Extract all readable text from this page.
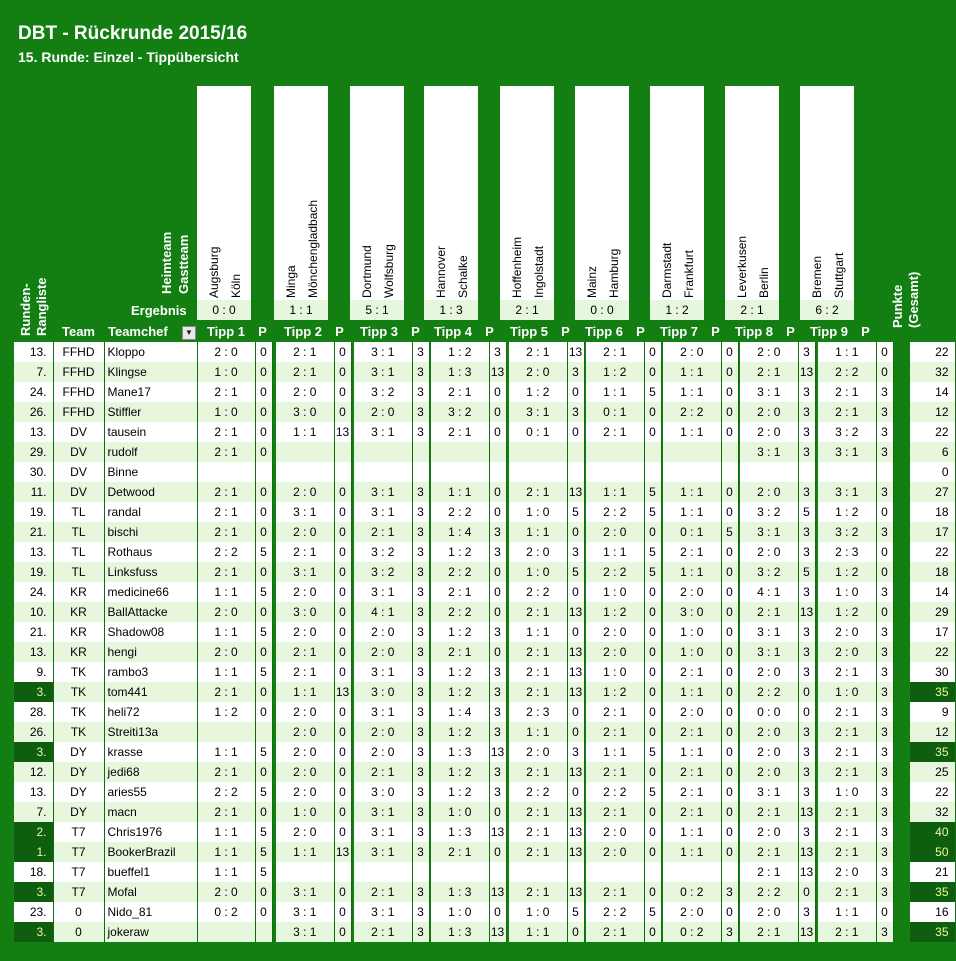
DBT - Rückrunde 2015/16
15. Runde: Einzel - Tippübersicht
Augsburg Köln
0 : 0
Tipp 1	P
Minga Mönchengladbach
1 : 1
Tipp 2	P
Dortmund Wolfsburg
5 : 1
Tipp 3	P
Hannover Schalke
1 : 3
Tipp 4	P
Hoffenheim Ingolstadt
2 : 1
Tipp 5	P
Mainz Hamburg
0 : 0
Tipp 6	P
Darmstadt Frankfurt
1 : 2
Tipp 7	P
Leverkusen Berlin
2 : 1
Tipp 8	P
Bremen Stuttgart
6 : 2
Tipp 9	P
Heimteam Gastteam
Ergebnis
Runden-Rangliste	Punkte (Gesamt)
Team Teamchef	▼
13.	FFHD	Kloppo	2 : 0	0		2 : 1	0		3 : 1	3		1 : 2	3		2 : 1	13		2 : 1	0		2 : 0	0		2 : 0	3		1 : 1	0		22
7.	FFHD	Klingse	1 : 0	0		2 : 1	0		3 : 1	3		1 : 3	13		2 : 0	3		1 : 2	0		1 : 1	0		2 : 1	13		2 : 2	0		32
24.	FFHD	Mane17	2 : 1	0		2 : 0	0		3 : 2	3		2 : 1	0		1 : 2	0		1 : 1	5		1 : 1	0		3 : 1	3		2 : 1	3		14
26.	FFHD	Stiffler	1 : 0	0		3 : 0	0		2 : 0	3		3 : 2	0		3 : 1	3		0 : 1	0		2 : 2	0		2 : 0	3		2 : 1	3		12
13.	DV	tausein	2 : 1	0		1 : 1	13		3 : 1	3		2 : 1	0		0 : 1	0		2 : 1	0		1 : 1	0		2 : 0	3		3 : 2	3		22
29.	DV	rudolf	2 : 1	0																				3 : 1	3		3 : 1	3		6
30.	DV	Binne																												0
11.	DV	Detwood	2 : 1	0		2 : 0	0		3 : 1	3		1 : 1	0		2 : 1	13		1 : 1	5		1 : 1	0		2 : 0	3		3 : 1	3		27
19.	TL	randal	2 : 1	0		3 : 1	0		3 : 1	3		2 : 2	0		1 : 0	5		2 : 2	5		1 : 1	0		3 : 2	5		1 : 2	0		18
21.	TL	bischi	2 : 1	0		2 : 0	0		2 : 1	3		1 : 4	3		1 : 1	0		2 : 0	0		0 : 1	5		3 : 1	3		3 : 2	3		17
13.	TL	Rothaus	2 : 2	5		2 : 1	0		3 : 2	3		1 : 2	3		2 : 0	3		1 : 1	5		2 : 1	0		2 : 0	3		2 : 3	0		22
19.	TL	Linksfuss	2 : 1	0		3 : 1	0		3 : 2	3		2 : 2	0		1 : 0	5		2 : 2	5		1 : 1	0		3 : 2	5		1 : 2	0		18
24.	KR	medicine66	1 : 1	5		2 : 0	0		3 : 1	3		2 : 1	0		2 : 2	0		1 : 0	0		2 : 0	0		4 : 1	3		1 : 0	3		14
10.	KR	BallAttacke	2 : 0	0		3 : 0	0		4 : 1	3		2 : 2	0		2 : 1	13		1 : 2	0		3 : 0	0		2 : 1	13		1 : 2	0		29
21.	KR	Shadow08	1 : 1	5		2 : 0	0		2 : 0	3		1 : 2	3		1 : 1	0		2 : 0	0		1 : 0	0		3 : 1	3		2 : 0	3		17
13.	KR	hengi	2 : 0	0		2 : 1	0		2 : 0	3		2 : 1	0		2 : 1	13		2 : 0	0		1 : 0	0		3 : 1	3		2 : 0	3		22
9.	TK	rambo3	1 : 1	5		2 : 1	0		3 : 1	3		1 : 2	3		2 : 1	13		1 : 0	0		2 : 1	0		2 : 0	3		2 : 1	3		30
3.	TK	tom441	2 : 1	0		1 : 1	13		3 : 0	3		1 : 2	3		2 : 1	13		1 : 2	0		1 : 1	0		2 : 2	0		1 : 0	3		35
28.	TK	heli72	1 : 2	0		2 : 0	0		3 : 1	3		1 : 4	3		2 : 3	0		2 : 1	0		2 : 0	0		0 : 0	0		2 : 1	3		9
26.	TK	Streiti13a				2 : 0	0		2 : 0	3		1 : 2	3		1 : 1	0		2 : 1	0		2 : 1	0		2 : 0	3		2 : 1	3		12
3.	DY	krasse	1 : 1	5		2 : 0	0		2 : 0	3		1 : 3	13		2 : 0	3		1 : 1	5		1 : 1	0		2 : 0	3		2 : 1	3		35
12.	DY	jedi68	2 : 1	0		2 : 0	0		2 : 1	3		1 : 2	3		2 : 1	13		2 : 1	0		2 : 1	0		2 : 0	3		2 : 1	3		25
13.	DY	aries55	2 : 2	5		2 : 0	0		3 : 0	3		1 : 2	3		2 : 2	0		2 : 2	5		2 : 1	0		3 : 1	3		1 : 0	3		22
7.	DY	macn	2 : 1	0		1 : 0	0		3 : 1	3		1 : 0	0		2 : 1	13		2 : 1	0		2 : 1	0		2 : 1	13		2 : 1	3		32
2.	T7	Chris1976	1 : 1	5		2 : 0	0		3 : 1	3		1 : 3	13		2 : 1	13		2 : 0	0		1 : 1	0		2 : 0	3		2 : 1	3		40
1.	T7	BookerBrazil	1 : 1	5		1 : 1	13		3 : 1	3		2 : 1	0		2 : 1	13		2 : 0	0		1 : 1	0		2 : 1	13		2 : 1	3		50
18.	T7	bueffel1	1 : 1	5																				2 : 1	13		2 : 0	3		21
3.	T7	Mofal	2 : 0	0		3 : 1	0		2 : 1	3		1 : 3	13		2 : 1	13		2 : 1	0		0 : 2	3		2 : 2	0		2 : 1	3		35
23.	0	Nido_81	0 : 2	0		3 : 1	0		3 : 1	3		1 : 0	0		1 : 0	5		2 : 2	5		2 : 0	0		2 : 0	3		1 : 1	0		16
3.	0	jokeraw				3 : 1	0		2 : 1	3		1 : 3	13		1 : 1	0		2 : 1	0		0 : 2	3		2 : 1	13		2 : 1	3		35
